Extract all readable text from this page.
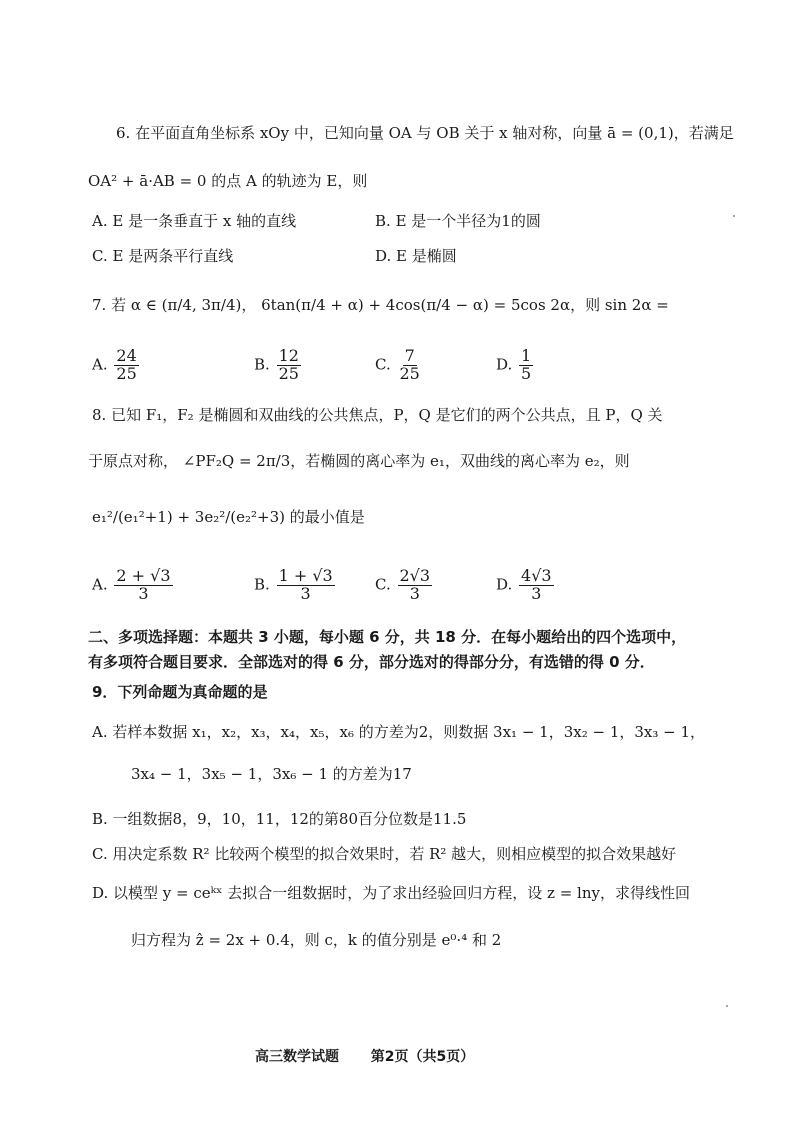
6. 在平面直角坐标系 xOy 中，已知向量 OA 与 OB 关于 x 轴对称，向量 ā = (0,1)，若满足
OA² + ā·AB = 0 的点 A 的轨迹为 E，则
A. E 是一条垂直于 x 轴的直线	B. E 是一个半径为1的圆
C. E 是两条平行直线	D. E 是椭圆
7. 若 α ∈ (π/4, 3π/4)， 6tan(π/4 + α) + 4cos(π/4 − α) = 5cos 2α，则 sin 2α =
A. $\frac{24}{25}$	B. $\frac{12}{25}$	C. $\frac{7}{25}$	D. $\frac{1}{5}$
8. 已知 F₁，F₂ 是椭圆和双曲线的公共焦点，P，Q 是它们的两个公共点，且 P，Q 关
于原点对称， ∠PF₂Q = 2π/3，若椭圆的离心率为 e₁，双曲线的离心率为 e₂，则
e₁²/(e₁²+1) + 3e₂²/(e₂²+3) 的最小值是
A. $\frac{2 + √3}{3}$	B. $\frac{1 + √3}{3}$	C. $\frac{2√3}{3}$	D. $\frac{4√3}{3}$
二、多项选择题：本题共 3 小题，每小题 6 分，共 18 分．在每小题给出的四个选项中，
有多项符合题目要求．全部选对的得 6 分，部分选对的得部分分，有选错的得 0 分．
9．下列命题为真命题的是
A. 若样本数据 x₁，x₂，x₃，x₄，x₅，x₆ 的方差为2，则数据 3x₁ − 1，3x₂ − 1，3x₃ − 1，
3x₄ − 1，3x₅ − 1，3x₆ − 1 的方差为17
B. 一组数据8，9，10，11，12的第80百分位数是11.5
C. 用决定系数 R² 比较两个模型的拟合效果时，若 R² 越大，则相应模型的拟合效果越好
D. 以模型 y = ceᵏˣ 去拟合一组数据时，为了求出经验回归方程，设 z = lny，求得线性回
归方程为 ẑ = 2x + 0.4，则 c，k 的值分别是 e⁰·⁴ 和 2
高三数学试题 第2页（共5页）
